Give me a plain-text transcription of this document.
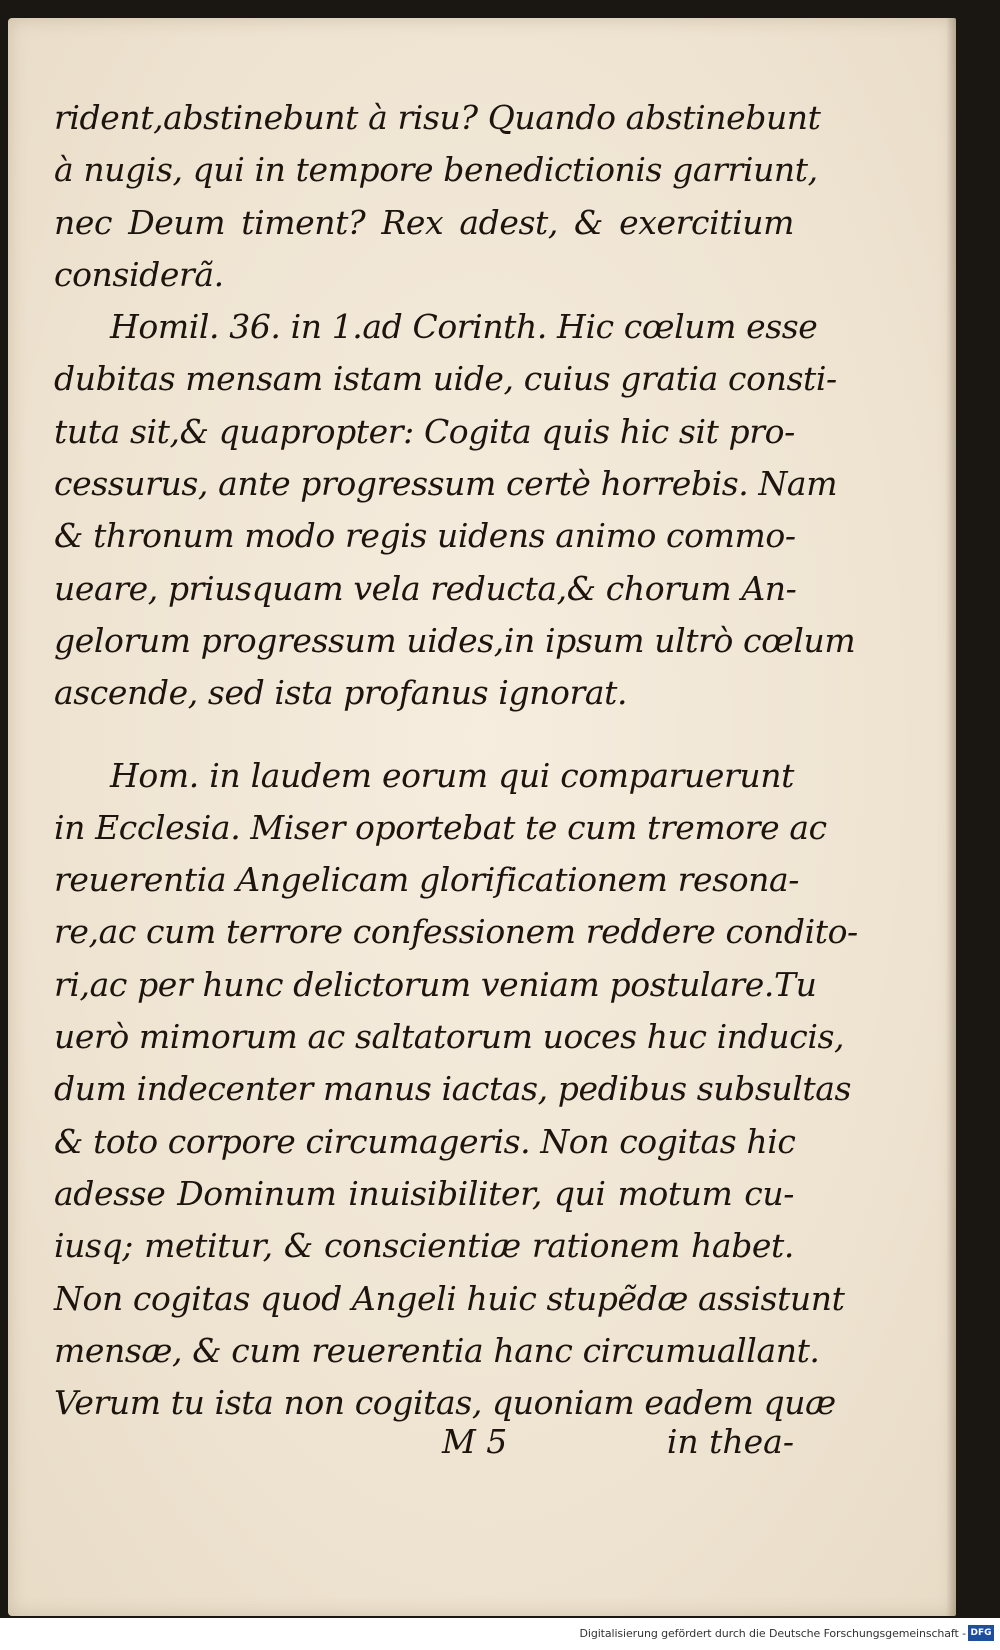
rident,abstinebunt à risu? Quando abstinebunt
à nugis, qui in tempore benedictionis garriunt,
nec Deum timent? Rex adest, & exercitium
considerã.
Homil. 36. in 1.ad Corinth. Hic cœlum esse
dubitas mensam istam uide, cuius gratia consti-
tuta sit,& quapropter: Cogita quis hic sit pro-
cessurus, ante progressum certè horrebis. Nam
& thronum modo regis uidens animo commo-
ueare, priusquam vela reducta,& chorum An-
gelorum progressum uides,in ipsum ultrò cœlum
ascende, sed ista profanus ignorat.
Hom. in laudem eorum qui comparuerunt
in Ecclesia. Miser oportebat te cum tremore ac
reuerentia Angelicam glorificationem resona-
re,ac cum terrore confessionem reddere condito-
ri,ac per hunc delictorum veniam postulare.Tu
uerò mimorum ac saltatorum uoces huc inducis,
dum indecenter manus iactas, pedibus subsultas
& toto corpore circumageris. Non cogitas hic
adesse Dominum inuisibiliter, qui motum cu-
iusq; metitur, & conscientiæ rationem habet.
Non cogitas quod Angeli huic stupẽdæ assistunt
mensæ, & cum reuerentia hanc circumuallant.
Verum tu ista non cogitas, quoniam eadem quæ
M 5	in thea-
Digitalisierung gefördert durch die Deutsche Forschungsgemeinschaft - DFG
